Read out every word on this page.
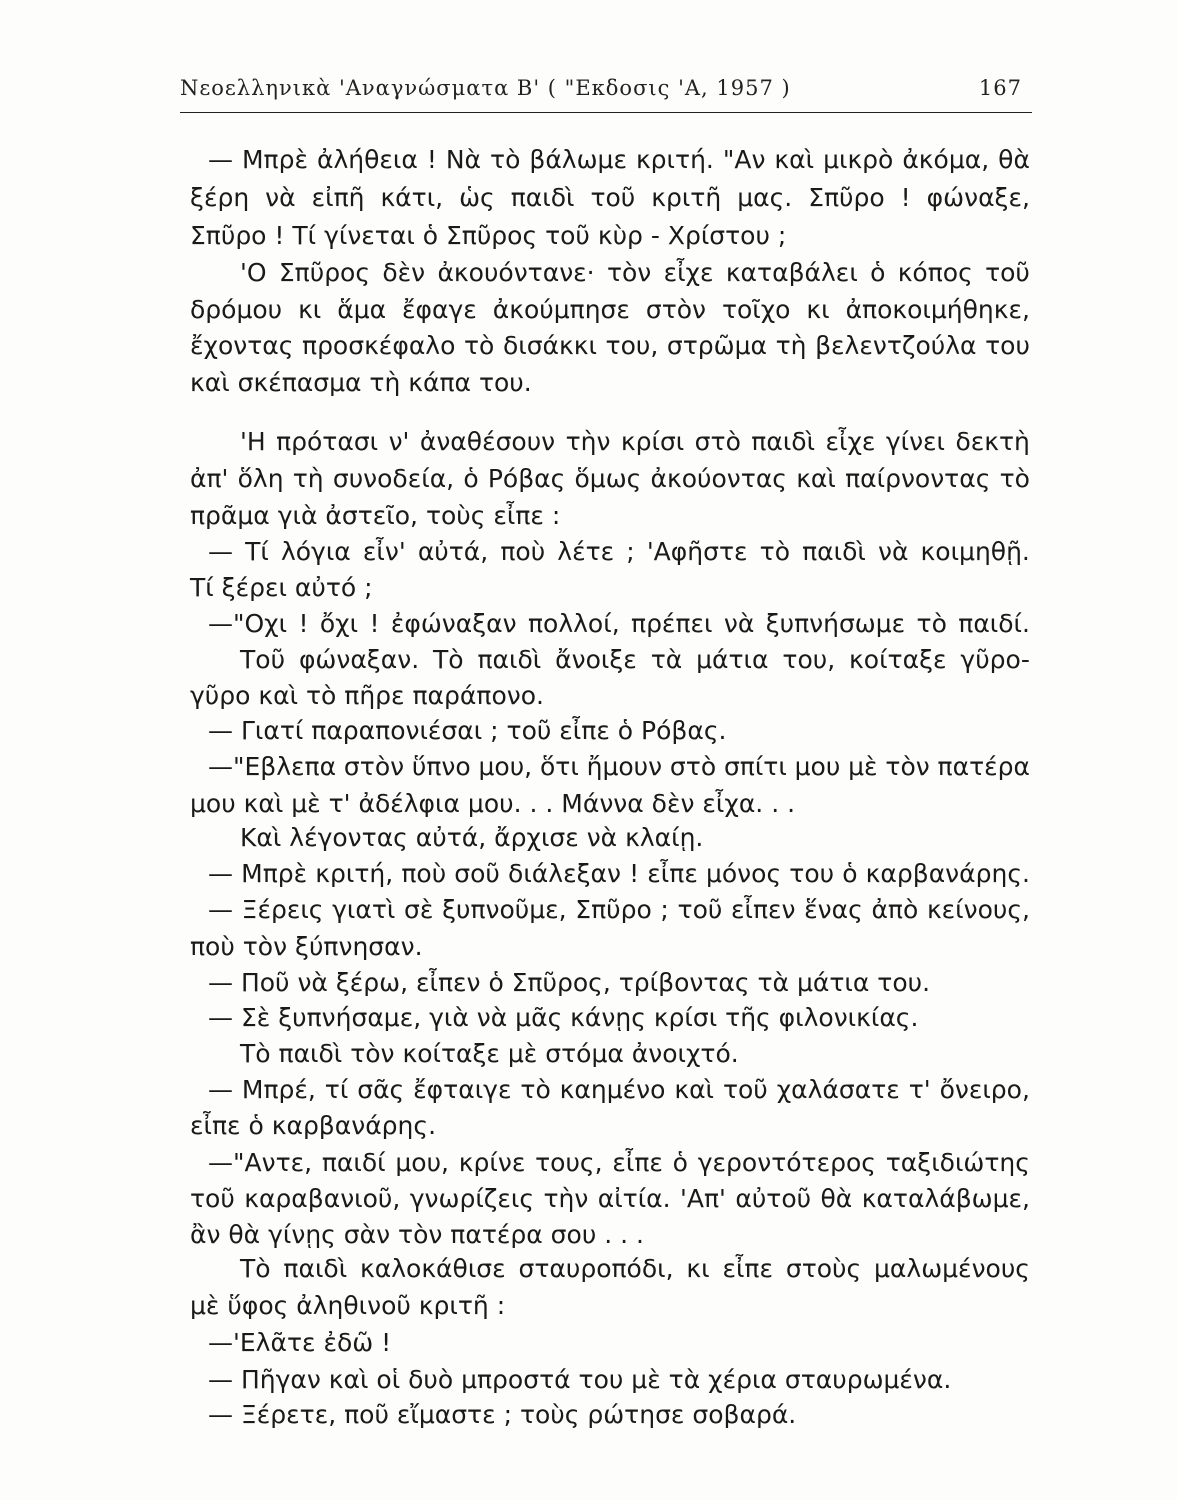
Νεοελληνικὰ 'Αναγνώσματα Β' ( "Εκδοσις 'Α, 1957 )	167
— Μπρὲ ἀλήθεια ! Νὰ τὸ βάλωμε κριτή. "Αν καὶ μικρὸ ἀκόμα, θὰ
ξέρη νὰ εἰπῆ κάτι, ὡς παιδὶ τοῦ κριτῆ μας. Σπῦρο ! φώναξε,
Σπῦρο ! Τί γίνεται ὁ Σπῦρος τοῦ κὺρ - Χρίστου ;
'Ο Σπῦρος δὲν ἀκουόντανε· τὸν εἶχε καταβάλει ὁ κόπος τοῦ
δρόμου κι ἅμα ἔφαγε ἀκούμπησε στὸν τοῖχο κι ἀποκοιμήθηκε,
ἔχοντας προσκέφαλο τὸ δισάκκι του, στρῶμα τὴ βελεντζούλα του
καὶ σκέπασμα τὴ κάπα του.
'Η πρότασι ν' ἀναθέσουν τὴν κρίσι στὸ παιδὶ εἶχε γίνει δεκτὴ
ἀπ' ὅλη τὴ συνοδεία, ὁ Ρόβας ὅμως ἀκούοντας καὶ παίρνοντας τὸ
πρᾶμα γιὰ ἀστεῖο, τοὺς εἶπε :
— Τί λόγια εἶν' αὐτά, ποὺ λέτε ; 'Αφῆστε τὸ παιδὶ νὰ κοιμηθῇ.
Τί ξέρει αὐτό ;
—"Οχι ! ὄχι ! ἐφώναξαν πολλοί, πρέπει νὰ ξυπνήσωμε τὸ παιδί.
Τοῦ φώναξαν. Τὸ παιδὶ ἄνοιξε τὰ μάτια του, κοίταξε γῦρο-
γῦρο καὶ τὸ πῆρε παράπονο.
— Γιατί παραπονιέσαι ; τοῦ εἶπε ὁ Ρόβας.
—"Εβλεπα στὸν ὕπνο μου, ὅτι ἤμουν στὸ σπίτι μου μὲ τὸν πατέρα
μου καὶ μὲ τ' ἀδέλφια μου. . . Μάννα δὲν εἶχα. . .
Καὶ λέγοντας αὐτά, ἄρχισε νὰ κλαίῃ.
— Μπρὲ κριτή, ποὺ σοῦ διάλεξαν ! εἶπε μόνος του ὁ καρβανάρης.
— Ξέρεις γιατὶ σὲ ξυπνοῦμε, Σπῦρο ; τοῦ εἶπεν ἕνας ἀπὸ κείνους,
ποὺ τὸν ξύπνησαν.
— Ποῦ νὰ ξέρω, εἶπεν ὁ Σπῦρος, τρίβοντας τὰ μάτια του.
— Σὲ ξυπνήσαμε, γιὰ νὰ μᾶς κάνῃς κρίσι τῆς φιλονικίας.
Τὸ παιδὶ τὸν κοίταξε μὲ στόμα ἀνοιχτό.
— Μπρέ, τί σᾶς ἔφταιγε τὸ καημένο καὶ τοῦ χαλάσατε τ' ὄνειρο,
εἶπε ὁ καρβανάρης.
—"Αντε, παιδί μου, κρίνε τους, εἶπε ὁ γεροντότερος ταξιδιώτης
τοῦ καραβανιοῦ, γνωρίζεις τὴν αἰτία. 'Απ' αὐτοῦ θὰ καταλάβωμε,
ἂν θὰ γίνῃς σὰν τὸν πατέρα σου . . .
Τὸ παιδὶ καλοκάθισε σταυροπόδι, κι εἶπε στοὺς μαλωμένους
μὲ ὕφος ἀληθινοῦ κριτῆ :
—'Ελᾶτε ἐδῶ !
— Πῆγαν καὶ οἱ δυὸ μπροστά του μὲ τὰ χέρια σταυρωμένα.
— Ξέρετε, ποῦ εἴμαστε ; τοὺς ρώτησε σοβαρά.
